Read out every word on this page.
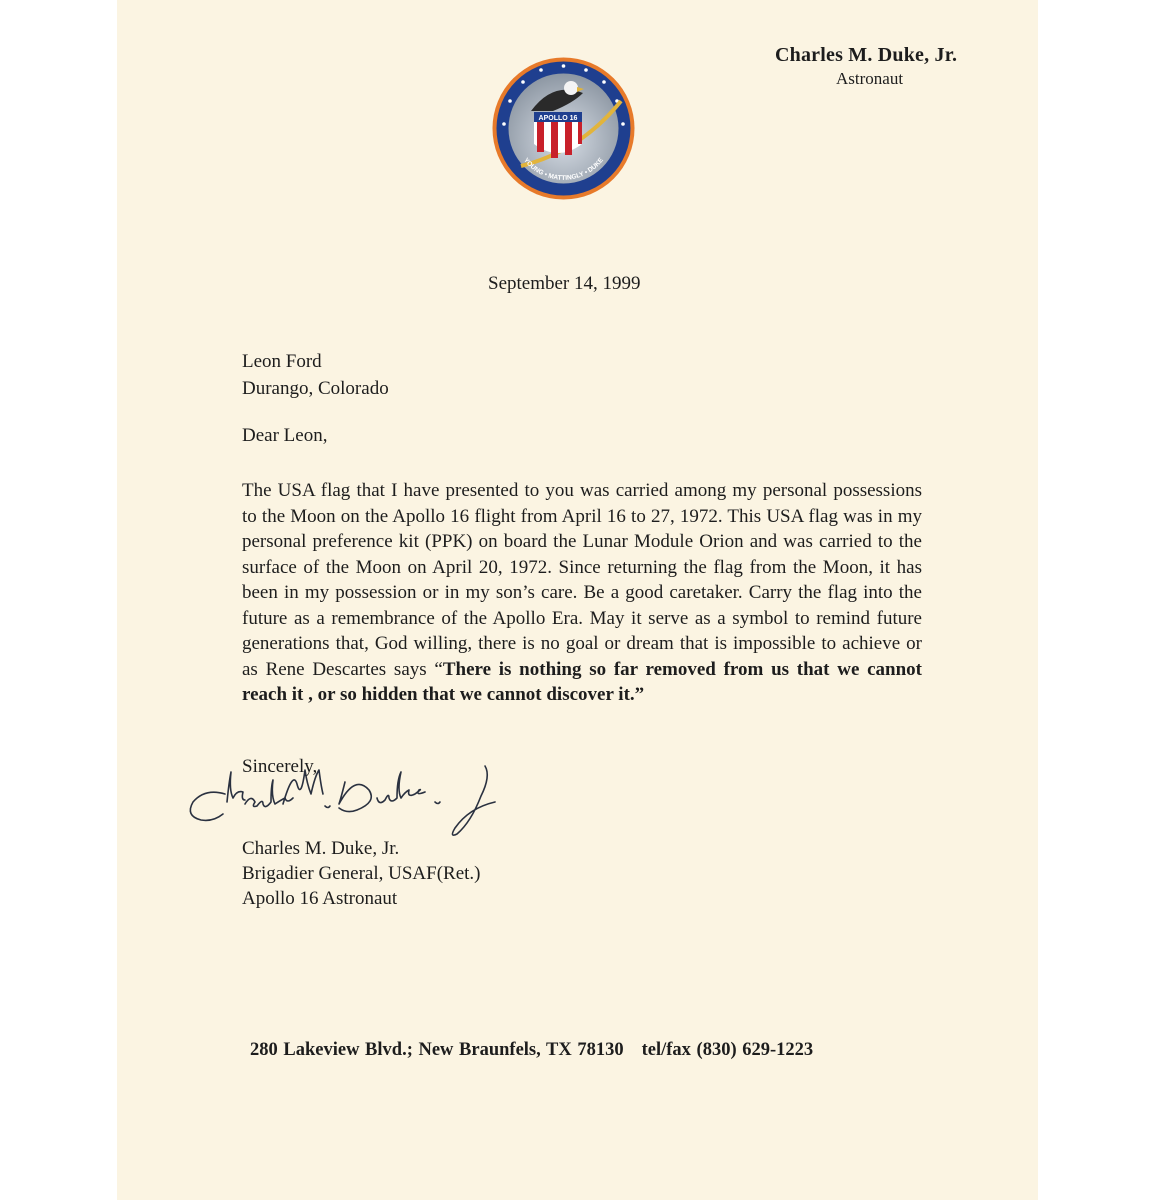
Charles M. Duke, Jr.
Astronaut
APOLLO 16
YOUNG • MATTINGLY • DUKE
September 14, 1999
Leon Ford
Durango, Colorado
Dear Leon,
The USA flag that I have presented to you was carried among my personal possessions to the Moon on the Apollo 16 flight from April 16 to 27, 1972. This USA flag was in my personal preference kit (PPK) on board the Lunar Module Orion and was carried to the surface of the Moon on April 20, 1972. Since returning the flag from the Moon, it has been in my possession or in my son’s care. Be a good caretaker. Carry the flag into the future as a remembrance of the Apollo Era. May it serve as a symbol to remind future generations that, God willing, there is no goal or dream that is impossible to achieve or as Rene Descartes says “There is nothing so far removed from us that we cannot reach it , or so hidden that we cannot discover it.”
Sincerely,
Charles M. Duke, Jr.
Brigadier General, USAF(Ret.)
Apollo 16 Astronaut
280 Lakeview Blvd.; New Braunfels, TX 78130 tel/fax (830) 629-1223
